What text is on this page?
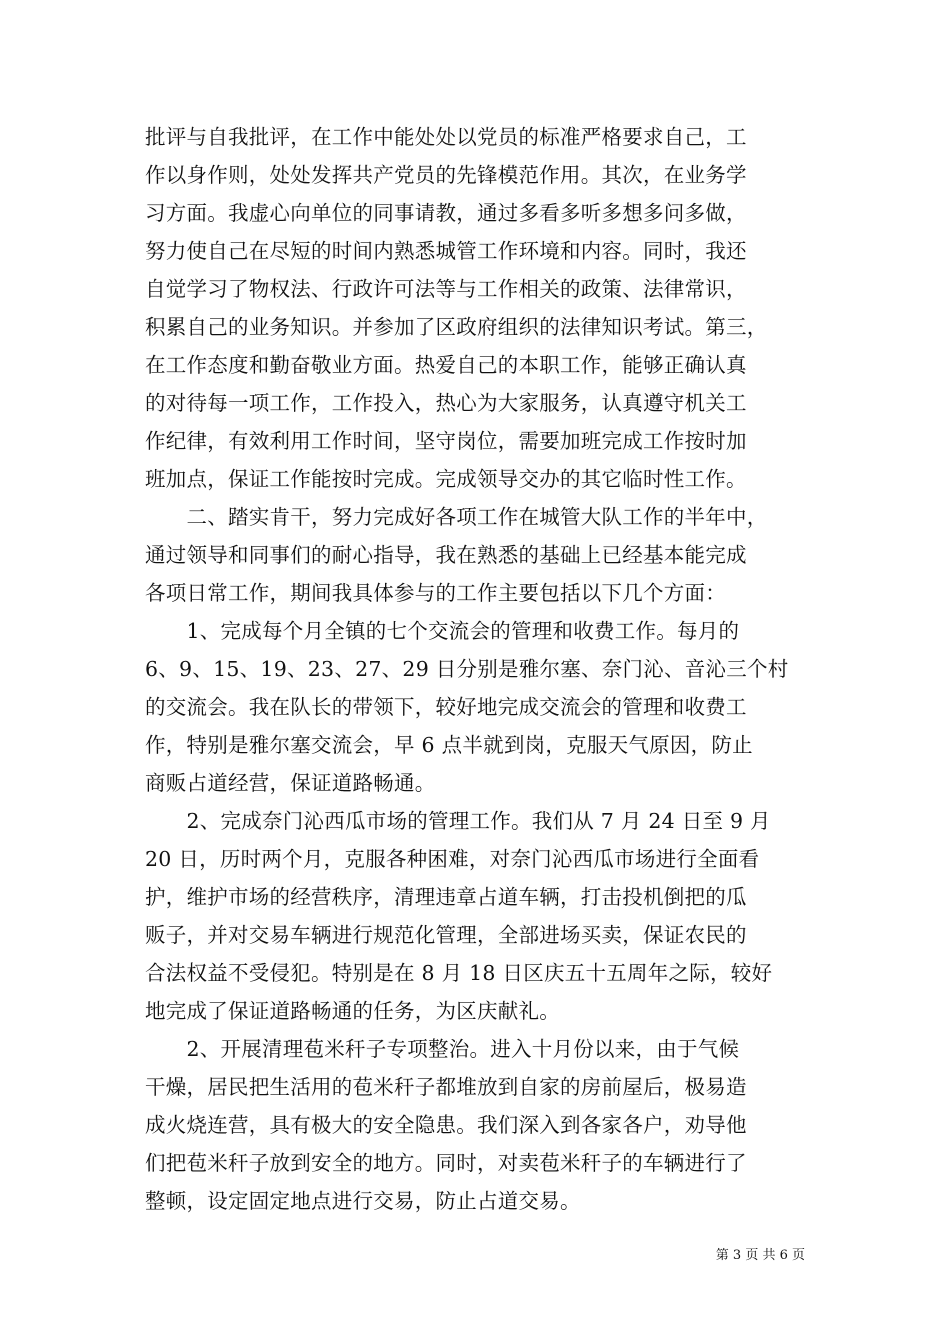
批评与自我批评，在工作中能处处以党员的标准严格要求自己，工
作以身作则，处处发挥共产党员的先锋模范作用。其次，在业务学
习方面。我虚心向单位的同事请教，通过多看多听多想多问多做，
努力使自己在尽短的时间内熟悉城管工作环境和内容。同时，我还
自觉学习了物权法、行政许可法等与工作相关的政策、法律常识，
积累自己的业务知识。并参加了区政府组织的法律知识考试。第三，
在工作态度和勤奋敬业方面。热爱自己的本职工作，能够正确认真
的对待每一项工作，工作投入，热心为大家服务，认真遵守机关工
作纪律，有效利用工作时间，坚守岗位，需要加班完成工作按时加
班加点，保证工作能按时完成。完成领导交办的其它临时性工作。
　　二、踏实肯干，努力完成好各项工作在城管大队工作的半年中，
通过领导和同事们的耐心指导，我在熟悉的基础上已经基本能完成
各项日常工作，期间我具体参与的工作主要包括以下几个方面：
　　1、完成每个月全镇的七个交流会的管理和收费工作。每月的
6、9、15、19、23、27、29 日分别是雅尔塞、奈门沁、音沁三个村
的交流会。我在队长的带领下，较好地完成交流会的管理和收费工
作，特别是雅尔塞交流会，早 6 点半就到岗，克服天气原因，防止
商贩占道经营，保证道路畅通。
　　2、完成奈门沁西瓜市场的管理工作。我们从 7 月 24 日至 9 月
20 日，历时两个月，克服各种困难，对奈门沁西瓜市场进行全面看
护，维护市场的经营秩序，清理违章占道车辆，打击投机倒把的瓜
贩子，并对交易车辆进行规范化管理，全部进场买卖，保证农民的
合法权益不受侵犯。特别是在 8 月 18 日区庆五十五周年之际，较好
地完成了保证道路畅通的任务，为区庆献礼。
　　2、开展清理苞米秆子专项整治。进入十月份以来，由于气候
干燥，居民把生活用的苞米秆子都堆放到自家的房前屋后，极易造
成火烧连营，具有极大的安全隐患。我们深入到各家各户，劝导他
们把苞米秆子放到安全的地方。同时，对卖苞米秆子的车辆进行了
整顿，设定固定地点进行交易，防止占道交易。
第 3 页 共 6 页
